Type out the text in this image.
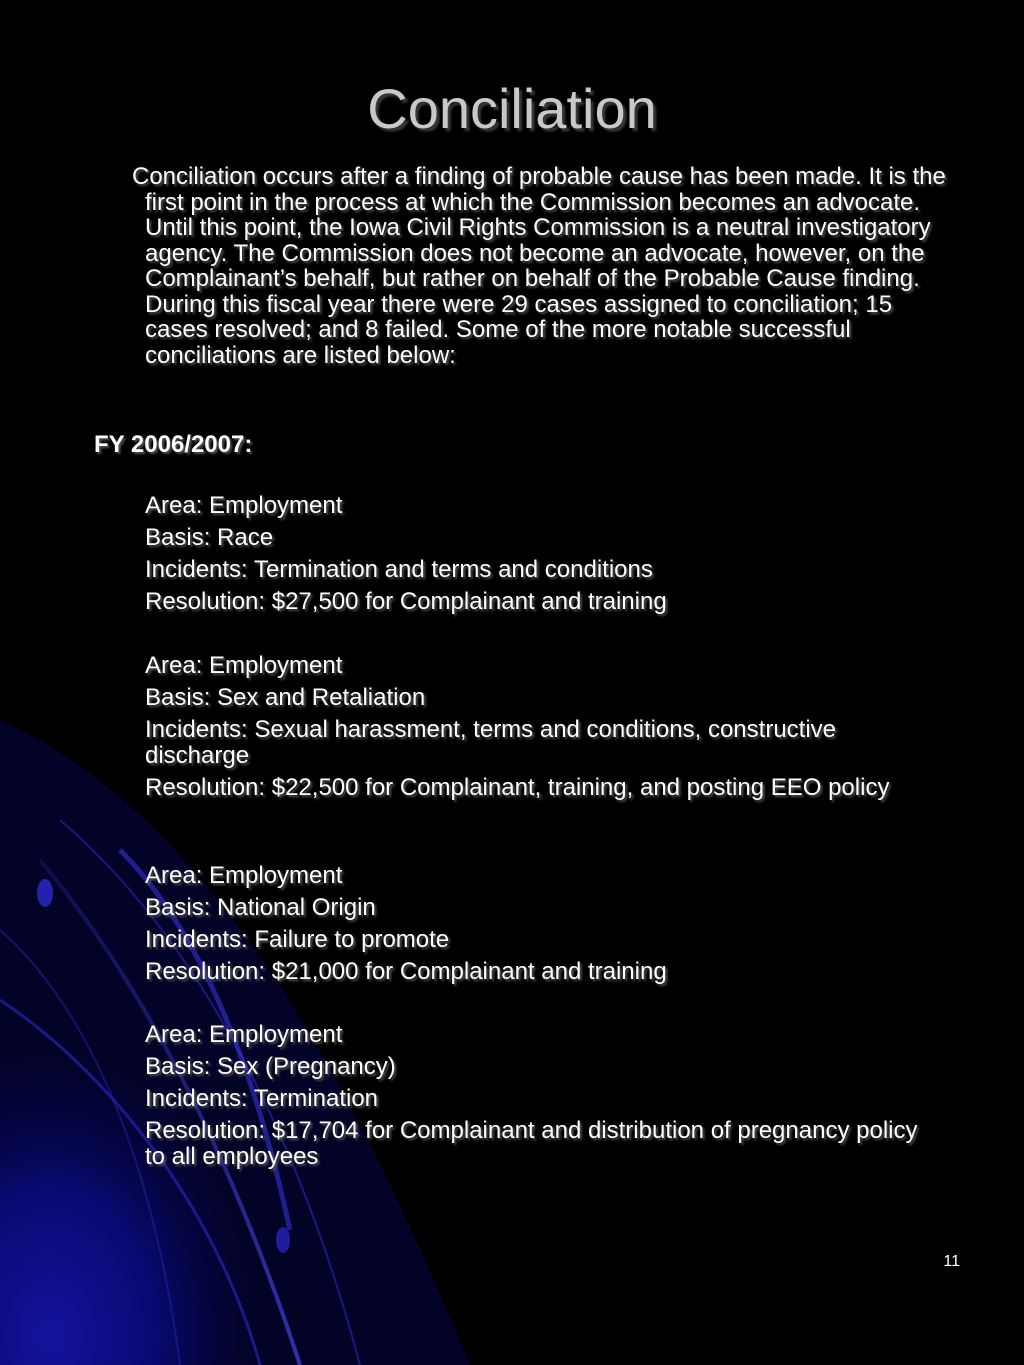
Conciliation
Conciliation occurs after a finding of probable cause has been made. It is the first point in the process at which the Commission becomes an advocate. Until this point, the Iowa Civil Rights Commission is a neutral investigatory agency. The Commission does not become an advocate, however, on the Complainant’s behalf, but rather on behalf of the Probable Cause finding. During this fiscal year there were 29 cases assigned to conciliation; 15 cases resolved; and 8 failed. Some of the more notable successful conciliations are listed below:
FY 2006/2007:

Area: Employment

Basis: Race

Incidents: Termination and terms and conditions

Resolution: $27,500 for Complainant and training

Area: Employment

Basis: Sex and Retaliation

Incidents: Sexual harassment, terms and conditions, constructive discharge

Resolution: $22,500 for Complainant, training, and posting EEO policy

Area: Employment

Basis: National Origin

Incidents: Failure to promote

Resolution: $21,000 for Complainant and training

Area: Employment

Basis: Sex (Pregnancy)

Incidents: Termination

Resolution: $17,704 for Complainant and distribution of pregnancy policy to all employees

11
